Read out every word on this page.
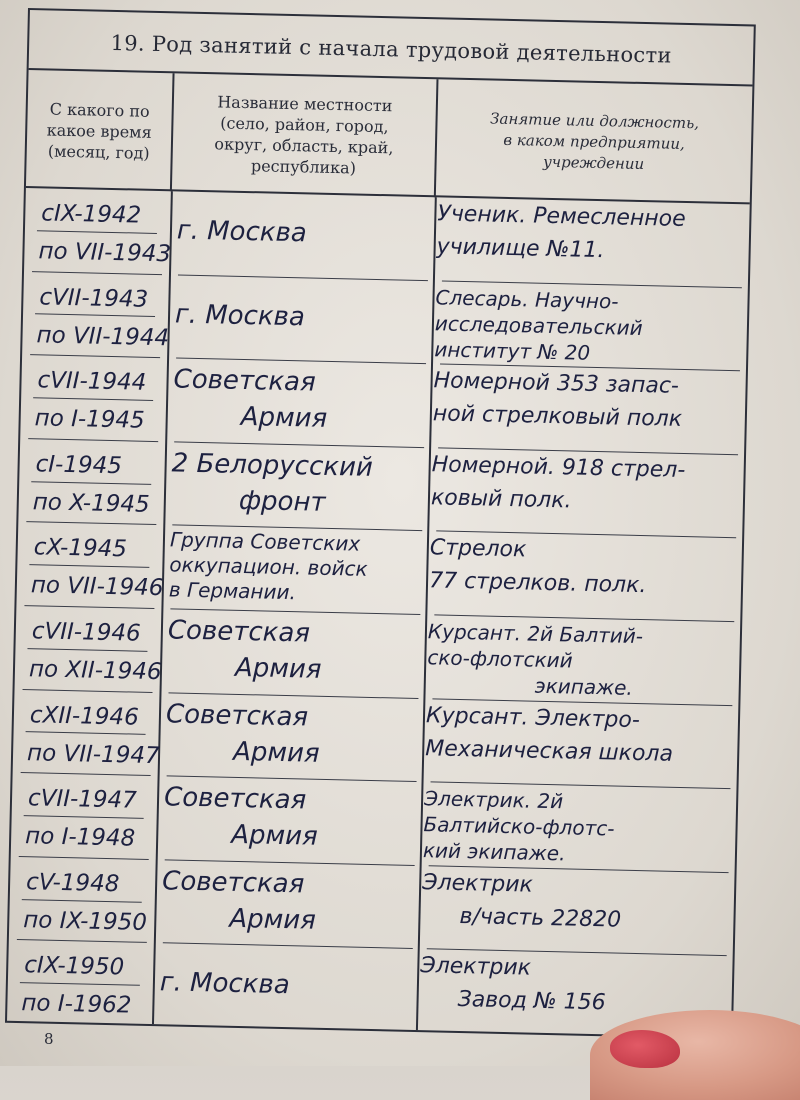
19. Род занятий с начала трудовой деятельности
С какого по
какое время
(месяц, год)
Название местности
(село, район, город,
округ, область, край,
республика)
Занятие или должность,
в каком предприятии,
учреждении
cIX-1942
по VII-1943
г. Москва	Ученик. Ремесленное
училище №11.
cVII-1943
по VII-1944
г. Москва
Слесарь. Научно-
исследовательский
институт № 20
cVII-1944
по I-1945
Советская
Армия
Номерной 353 запас-
ной стрелковый полк
cI-1945
по X-1945
2 Белорусский
фронт
Номерной. 918 стрел-
ковый полк.
cX-1945
по VII-1946
Группа Советских
оккупацион. войск
в Германии.
Стрелок
77 стрелков. полк.
cVII-1946
по XII-1946
Советская
Армия
Курсант. 2й Балтий-
ско-флотский
экипаже.
cXII-1946
по VII-1947
Советская
Армия
Курсант. Электро-
Механическая школа
cVII-1947
по I-1948
Советская
Армия
Электрик. 2й
Балтийско-флотс-
кий экипаже.
cV-1948
по IX-1950
Советская
Армия
Электрик
в/часть 22820
cIX-1950
по I-1962
г. Москва
Электрик
Завод № 156
8
